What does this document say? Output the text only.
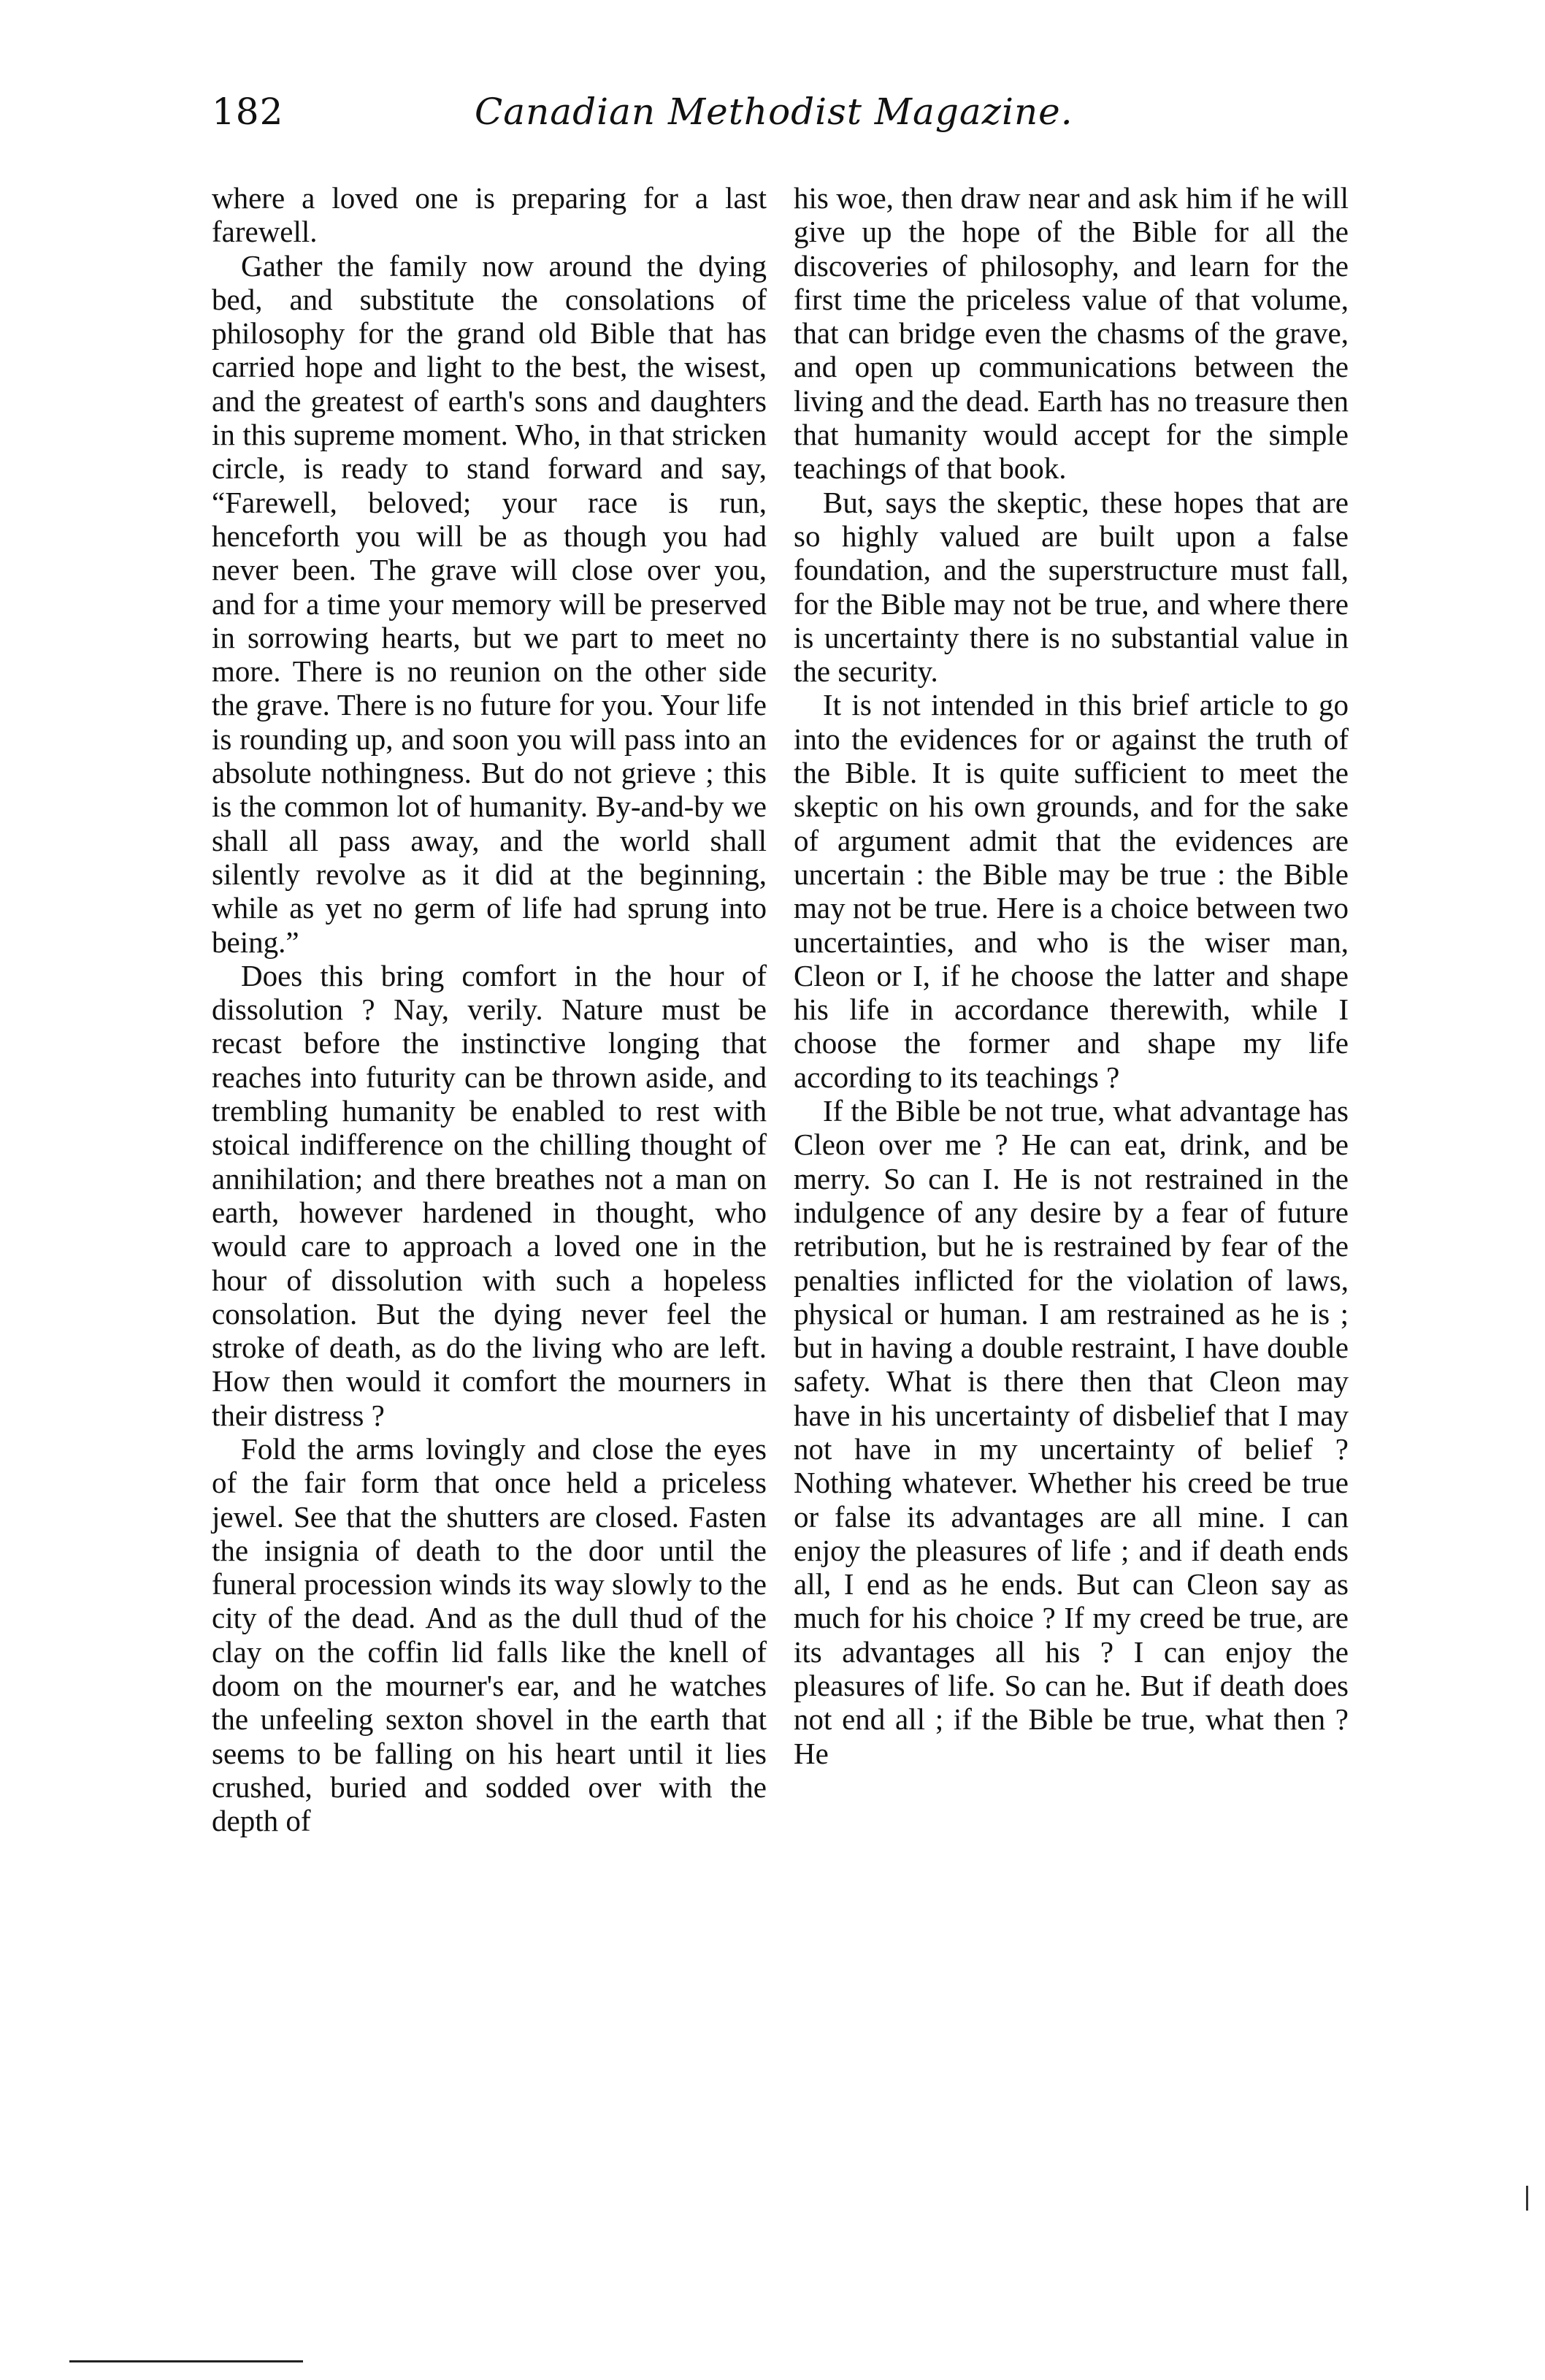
182	Canadian Methodist Magazine.

where a loved one is preparing for a last farewell.

Gather the family now around the dying bed, and substitute the consolations of philosophy for the grand old Bible that has carried hope and light to the best, the wisest, and the greatest of earth's sons and daughters in this supreme moment. Who, in that stricken circle, is ready to stand forward and say, “Farewell, beloved; your race is run, henceforth you will be as though you had never been. The grave will close over you, and for a time your memory will be preserved in sorrowing hearts, but we part to meet no more. There is no reunion on the other side the grave. There is no future for you. Your life is rounding up, and soon you will pass into an absolute nothingness. But do not grieve ; this is the common lot of humanity. By-and-by we shall all pass away, and the world shall silently revolve as it did at the beginning, while as yet no germ of life had sprung into being.”

Does this bring comfort in the hour of dissolution ? Nay, verily. Nature must be recast before the instinctive longing that reaches into futurity can be thrown aside, and trembling humanity be enabled to rest with stoical indifference on the chilling thought of annihilation; and there breathes not a man on earth, however hardened in thought, who would care to approach a loved one in the hour of dissolution with such a hopeless consolation. But the dying never feel the stroke of death, as do the living who are left. How then would it comfort the mourners in their distress ?

Fold the arms lovingly and close the eyes of the fair form that once held a priceless jewel. See that the shutters are closed. Fasten the insignia of death to the door until the funeral procession winds its way slowly to the city of the dead. And as the dull thud of the clay on the coffin lid falls like the knell of doom on the mourner's ear, and he watches the unfeeling sexton shovel in the earth that seems to be falling on his heart until it lies crushed, buried and sodded over with the depth of

his woe, then draw near and ask him if he will give up the hope of the Bible for all the discoveries of philosophy, and learn for the first time the priceless value of that volume, that can bridge even the chasms of the grave, and open up communications between the living and the dead. Earth has no treasure then that humanity would accept for the simple teachings of that book.

But, says the skeptic, these hopes that are so highly valued are built upon a false foundation, and the superstructure must fall, for the Bible may not be true, and where there is uncertainty there is no substantial value in the security.

It is not intended in this brief article to go into the evidences for or against the truth of the Bible. It is quite sufficient to meet the skeptic on his own grounds, and for the sake of argument admit that the evidences are uncertain : the Bible may be true : the Bible may not be true. Here is a choice between two uncertainties, and who is the wiser man, Cleon or I, if he choose the latter and shape his life in accordance therewith, while I choose the former and shape my life according to its teachings ?

If the Bible be not true, what advantage has Cleon over me ? He can eat, drink, and be merry. So can I. He is not restrained in the indulgence of any desire by a fear of future retribution, but he is restrained by fear of the penalties inflicted for the violation of laws, physical or human. I am restrained as he is ; but in having a double restraint, I have double safety. What is there then that Cleon may have in his uncertainty of disbelief that I may not have in my uncertainty of belief ? Nothing whatever. Whether his creed be true or false its advantages are all mine. I can enjoy the pleasures of life ; and if death ends all, I end as he ends. But can Cleon say as much for his choice ? If my creed be true, are its advantages all his ? I can enjoy the pleasures of life. So can he. But if death does not end all ; if the Bible be true, what then ? He
